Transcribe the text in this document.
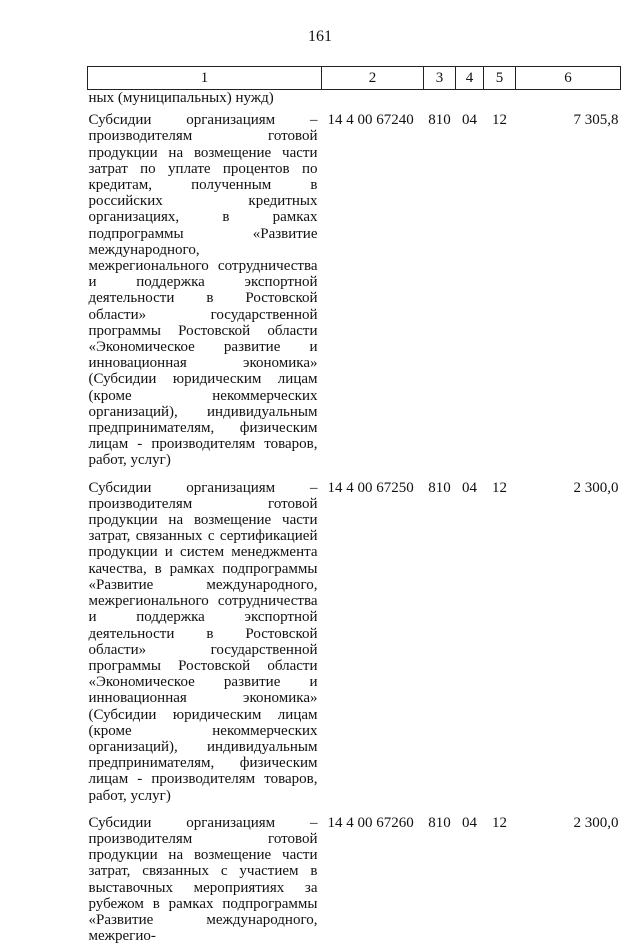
161
1	2	3	4	5	6
ных (муниципальных) нужд)					
Субсидии организациям – производителям готовой продукции на возмещение части затрат по уплате процентов по кредитам, полученным в российских кредитных организациях, в рамках подпрограммы «Развитие международного, межрегионального сотрудничества и поддержка экспортной деятельности в Ростовской области» государственной программы Ростовской области «Экономическое развитие и инновационная экономика» (Субсидии юридическим лицам (кроме некоммерческих организаций), индивидуальным предпринимателям, физическим лицам - производителям товаров, работ, услуг)	14 4 00 67240	810	04	12	7 305,8
Субсидии организациям – производителям готовой продукции на возмещение части затрат, связанных с сертификацией продукции и систем менеджмента качества, в рамках подпрограммы «Развитие международного, межрегионального сотрудничества и поддержка экспортной деятельности в Ростовской области» государственной программы Ростовской области «Экономическое развитие и инновационная экономика» (Субсидии юридическим лицам (кроме некоммерческих организаций), индивидуальным предпринимателям, физическим лицам - производителям товаров, работ, услуг)	14 4 00 67250	810	04	12	2 300,0
Субсидии организациям – производителям готовой продукции на возмещение части затрат, связанных с участием в выставочных мероприятиях за рубежом в рамках подпрограммы «Развитие международного, межрегио-	14 4 00 67260	810	04	12	2 300,0
